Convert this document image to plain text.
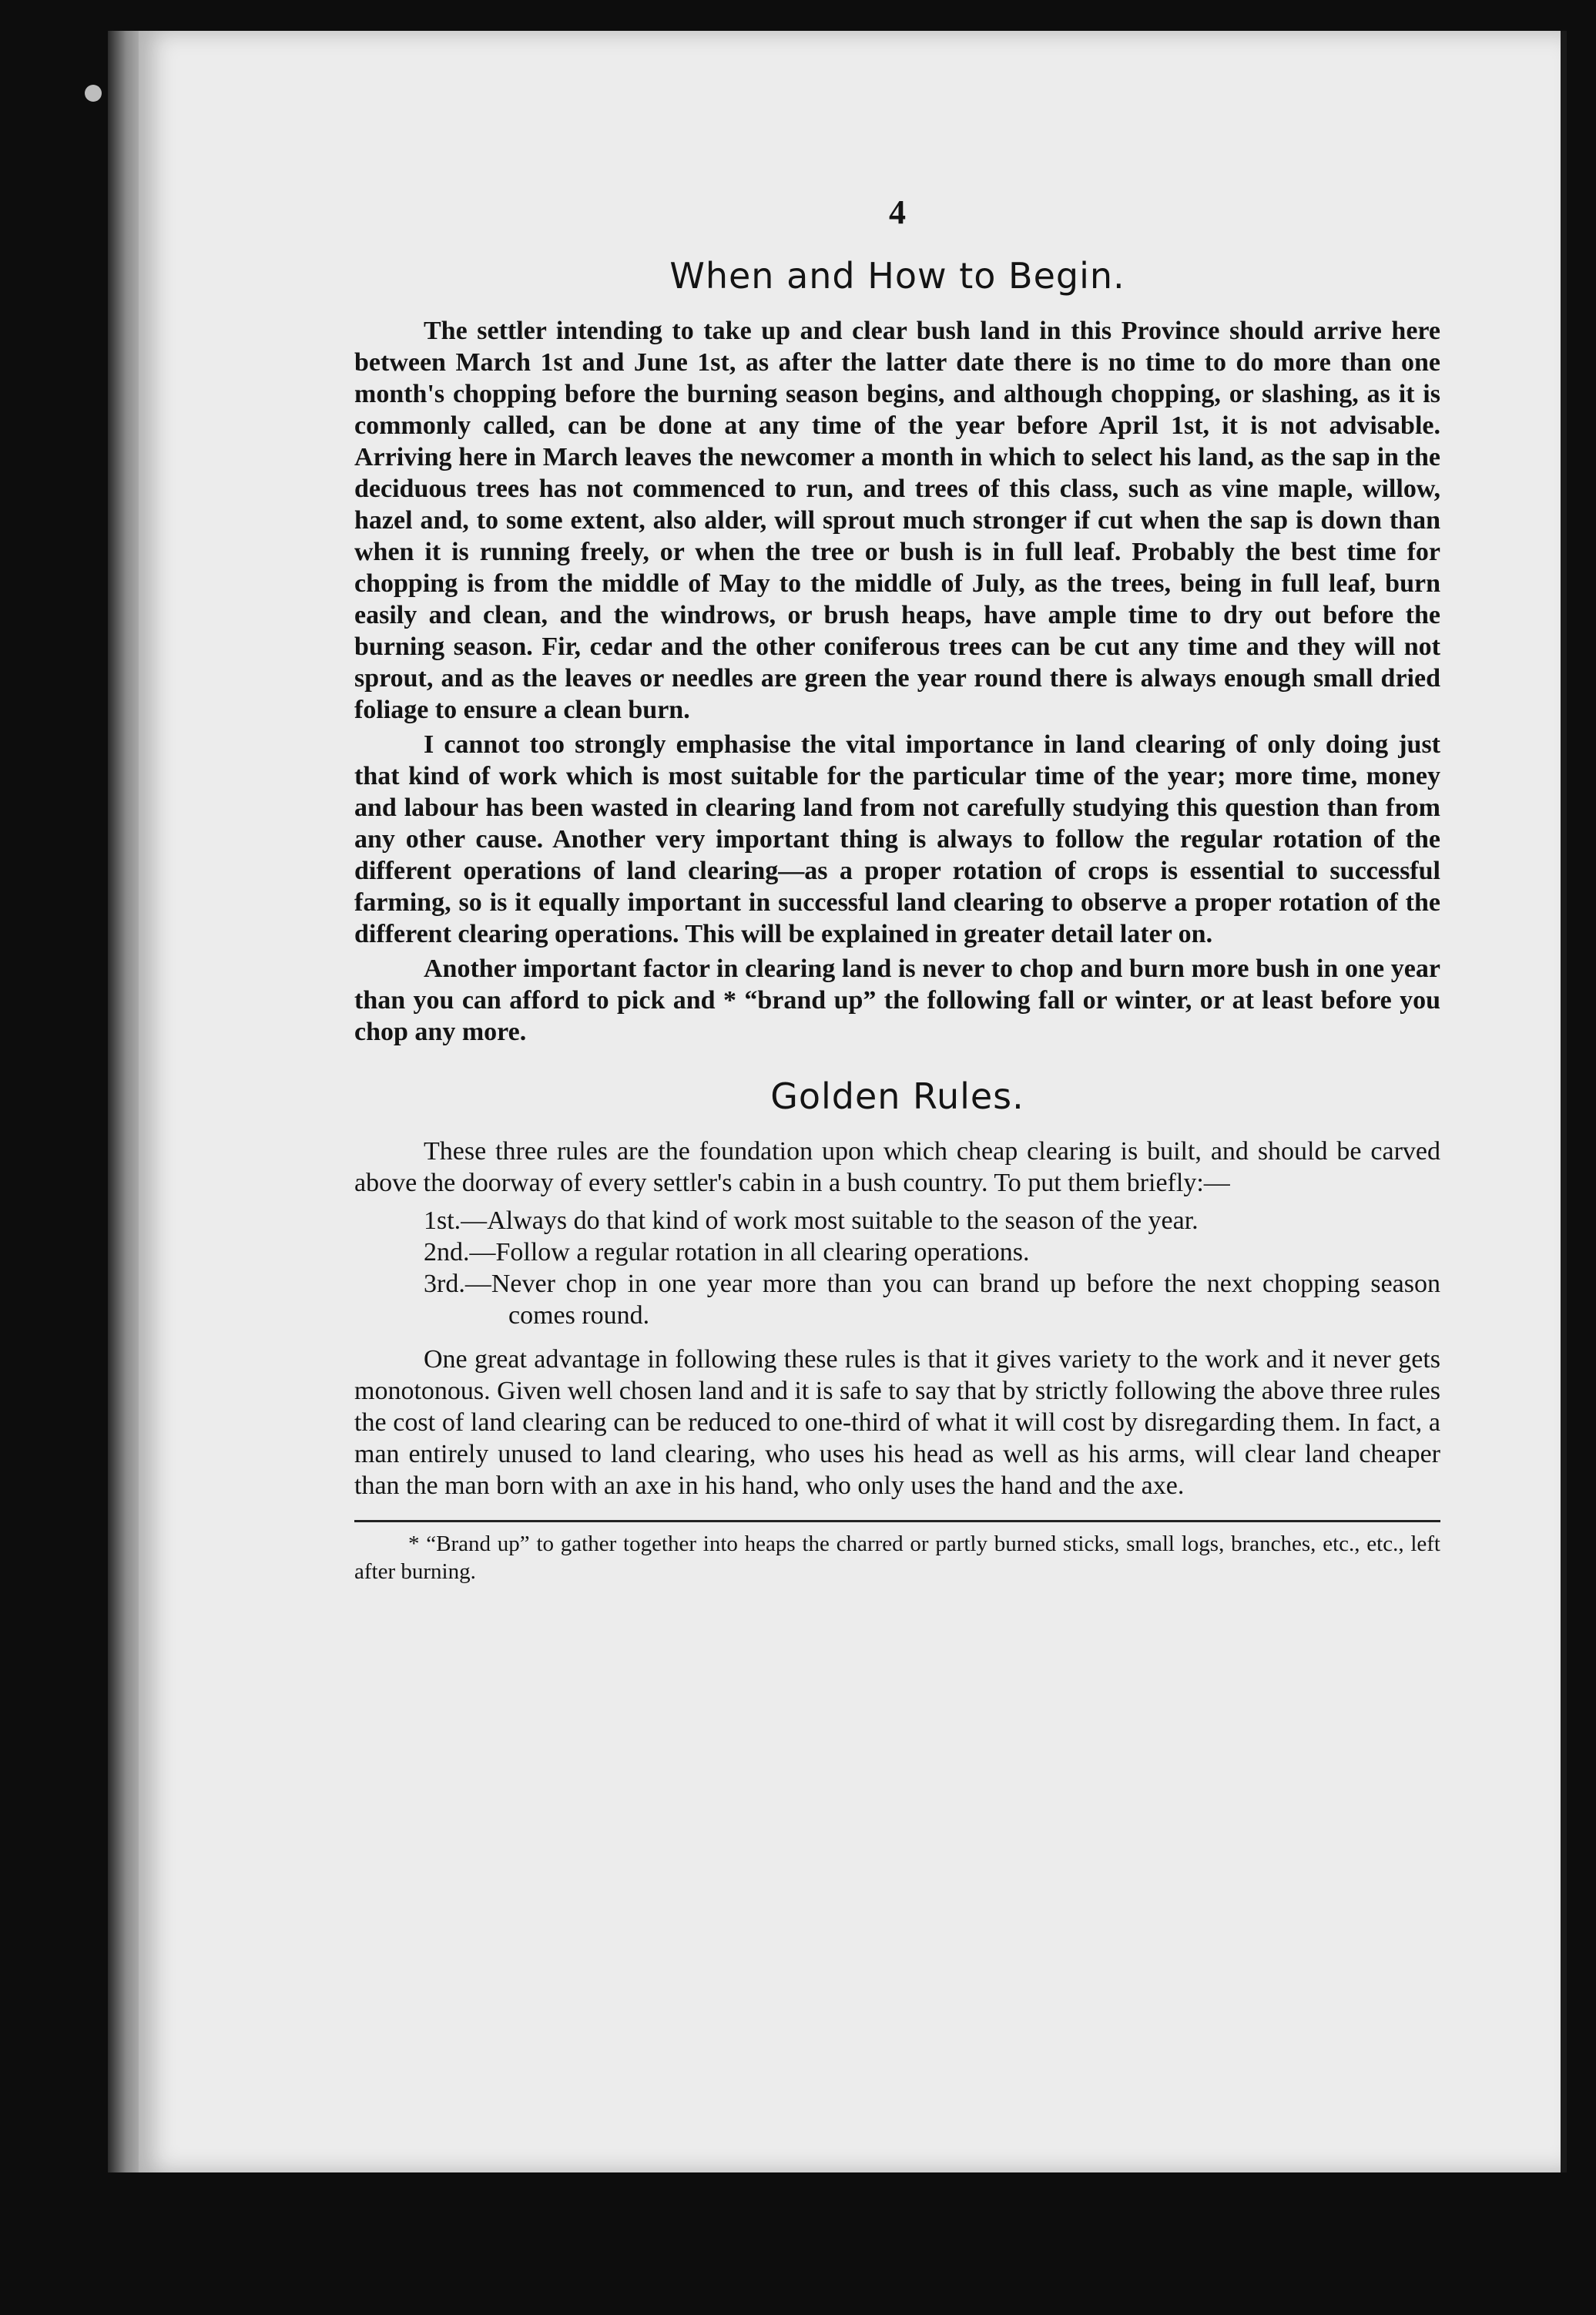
4
When and How to Begin.

The settler intending to take up and clear bush land in this Province should arrive here between March 1st and June 1st, as after the latter date there is no time to do more than one month's chopping before the burning season begins, and although chopping, or slashing, as it is commonly called, can be done at any time of the year before April 1st, it is not advisable. Arriving here in March leaves the newcomer a month in which to select his land, as the sap in the deciduous trees has not commenced to run, and trees of this class, such as vine maple, willow, hazel and, to some extent, also alder, will sprout much stronger if cut when the sap is down than when it is running freely, or when the tree or bush is in full leaf. Probably the best time for chopping is from the middle of May to the middle of July, as the trees, being in full leaf, burn easily and clean, and the windrows, or brush heaps, have ample time to dry out before the burning season. Fir, cedar and the other coniferous trees can be cut any time and they will not sprout, and as the leaves or needles are green the year round there is always enough small dried foliage to ensure a clean burn.

I cannot too strongly emphasise the vital importance in land clearing of only doing just that kind of work which is most suitable for the particular time of the year; more time, money and labour has been wasted in clearing land from not carefully studying this question than from any other cause. Another very important thing is always to follow the regular rotation of the different operations of land clearing—as a proper rotation of crops is essential to successful farming, so is it equally important in successful land clearing to observe a proper rotation of the different clearing operations. This will be explained in greater detail later on.

Another important factor in clearing land is never to chop and burn more bush in one year than you can afford to pick and * “brand up” the following fall or winter, or at least before you chop any more.

Golden Rules.

These three rules are the foundation upon which cheap clearing is built, and should be carved above the doorway of every settler's cabin in a bush country. To put them briefly:—

1st.—Always do that kind of work most suitable to the season of the year.
2nd.—Follow a regular rotation in all clearing operations.
3rd.—Never chop in one year more than you can brand up before the next chopping season comes round.

One great advantage in following these rules is that it gives variety to the work and it never gets monotonous. Given well chosen land and it is safe to say that by strictly following the above three rules the cost of land clearing can be reduced to one-third of what it will cost by disregarding them. In fact, a man entirely unused to land clearing, who uses his head as well as his arms, will clear land cheaper than the man born with an axe in his hand, who only uses the hand and the axe.

* “Brand up” to gather together into heaps the charred or partly burned sticks, small logs, branches, etc., etc., left after burning.
